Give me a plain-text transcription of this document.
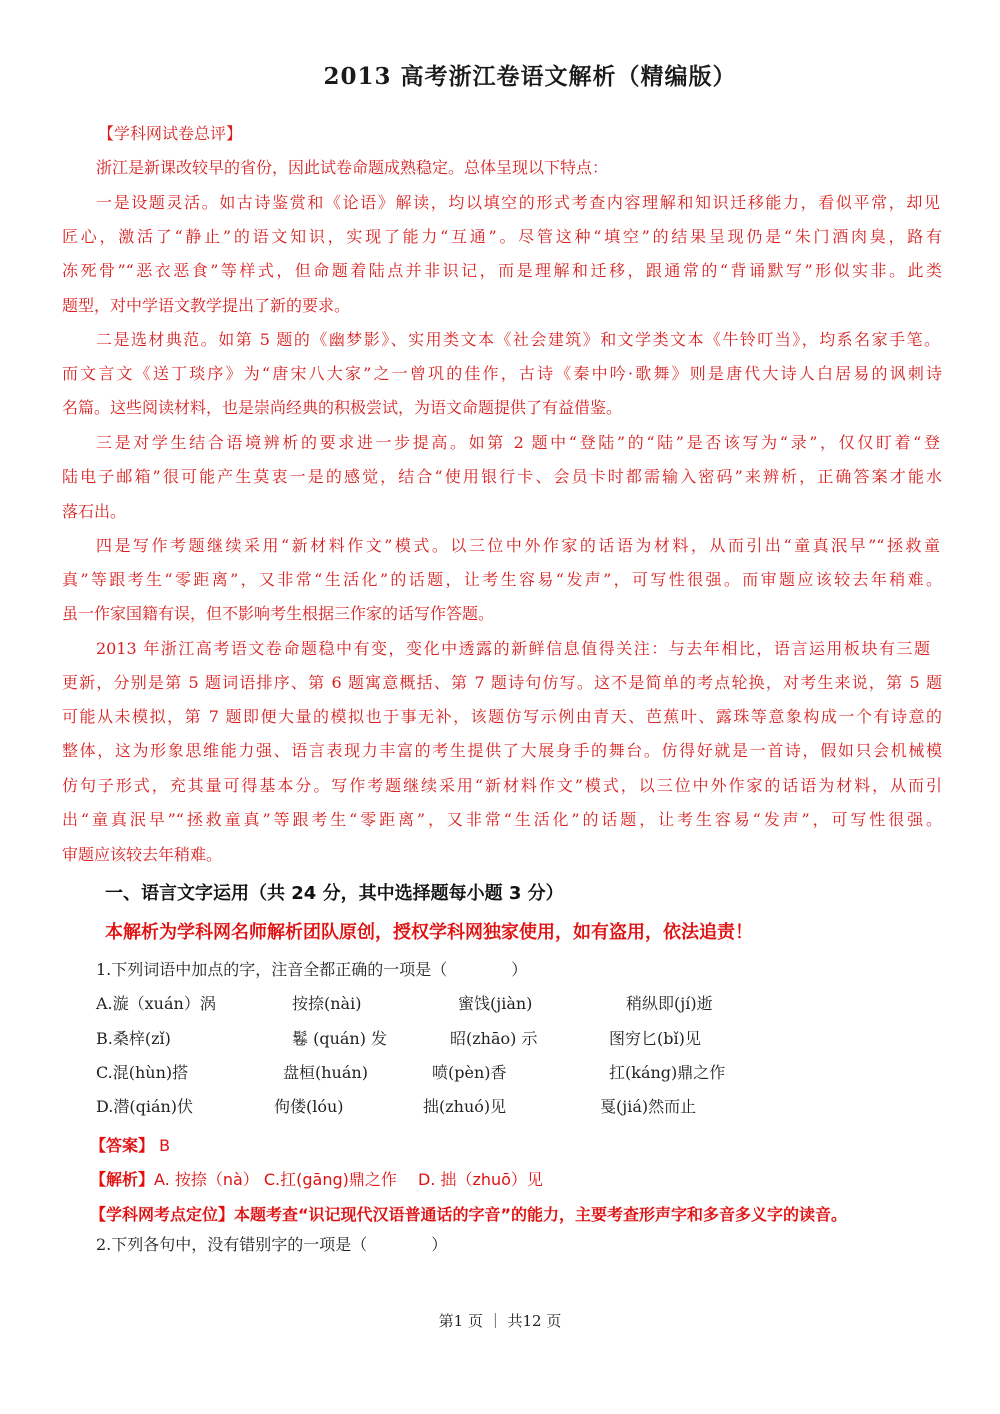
2013 高考浙江卷语文解析（精编版）
【学科网试卷总评】
浙江是新课改较早的省份，因此试卷命题成熟稳定。总体呈现以下特点：
一是设题灵活。如古诗鉴赏和《论语》解读，均以填空的形式考查内容理解和知识迁移能力，看似平常，却见
匠心，激活了“静止”的语文知识，实现了能力“互通”。尽管这种“填空”的结果呈现仍是“朱门酒肉臭，路有
冻死骨”“恶衣恶食”等样式，但命题着陆点并非识记，而是理解和迁移，跟通常的“背诵默写”形似实非。此类
题型，对中学语文教学提出了新的要求。
二是选材典范。如第 5 题的《幽梦影》、实用类文本《社会建筑》和文学类文本《牛铃叮当》，均系名家手笔。
而文言文《送丁琰序》为“唐宋八大家”之一曾巩的佳作，古诗《秦中吟·歌舞》则是唐代大诗人白居易的讽刺诗
名篇。这些阅读材料，也是崇尚经典的积极尝试，为语文命题提供了有益借鉴。
三是对学生结合语境辨析的要求进一步提高。如第 2 题中“登陆”的“陆”是否该写为“录”，仅仅盯着“登
陆电子邮箱”很可能产生莫衷一是的感觉，结合“使用银行卡、会员卡时都需输入密码”来辨析，正确答案才能水
落石出。
四是写作考题继续采用“新材料作文”模式。以三位中外作家的话语为材料，从而引出“童真泯早”“拯救童
真”等跟考生“零距离”，又非常“生活化”的话题，让考生容易“发声”，可写性很强。而审题应该较去年稍难。
虽一作家国籍有误，但不影响考生根据三作家的话写作答题。
2013 年浙江高考语文卷命题稳中有变，变化中透露的新鲜信息值得关注：与去年相比，语言运用板块有三题
更新，分别是第 5 题词语排序、第 6 题寓意概括、第 7 题诗句仿写。这不是简单的考点轮换，对考生来说，第 5 题
可能从未模拟，第 7 题即便大量的模拟也于事无补，该题仿写示例由青天、芭蕉叶、露珠等意象构成一个有诗意的
整体，这为形象思维能力强、语言表现力丰富的考生提供了大展身手的舞台。仿得好就是一首诗，假如只会机械模
仿句子形式，充其量可得基本分。写作考题继续采用“新材料作文”模式，以三位中外作家的话语为材料，从而引
出“童真泯早”“拯救童真”等跟考生“零距离”，又非常“生活化”的话题，让考生容易“发声”，可写性很强。
审题应该较去年稍难。
一、语言文字运用（共 24 分，其中选择题每小题 3 分）
本解析为学科网名师解析团队原创，授权学科网独家使用，如有盗用，依法追责！
1.下列词语中加点的字，注音全都正确的一项是（　　　　）
A.漩（xuán）涡	按捺(nài)	蜜饯(jiàn)	稍纵即(jí)逝
B.桑梓(zǐ)	鬈 (quán) 发	昭(zhāo) 示	图穷匕(bǐ)见
C.混(hùn)搭	盘桓(huán)	喷(pèn)香	扛(káng)鼎之作
D.潜(qián)伏	佝偻(lóu)	拙(zhuó)见	戛(jiá)然而止
【答案】 B
【解析】A. 按捺（nà） C.扛(gāng)鼎之作　 D. 拙（zhuō）见
【学科网考点定位】本题考查“识记现代汉语普通话的字音”的能力，主要考查形声字和多音多义字的读音。
2.下列各句中，没有错别字的一项是（　　　　）
第1 页 ｜ 共12 页
